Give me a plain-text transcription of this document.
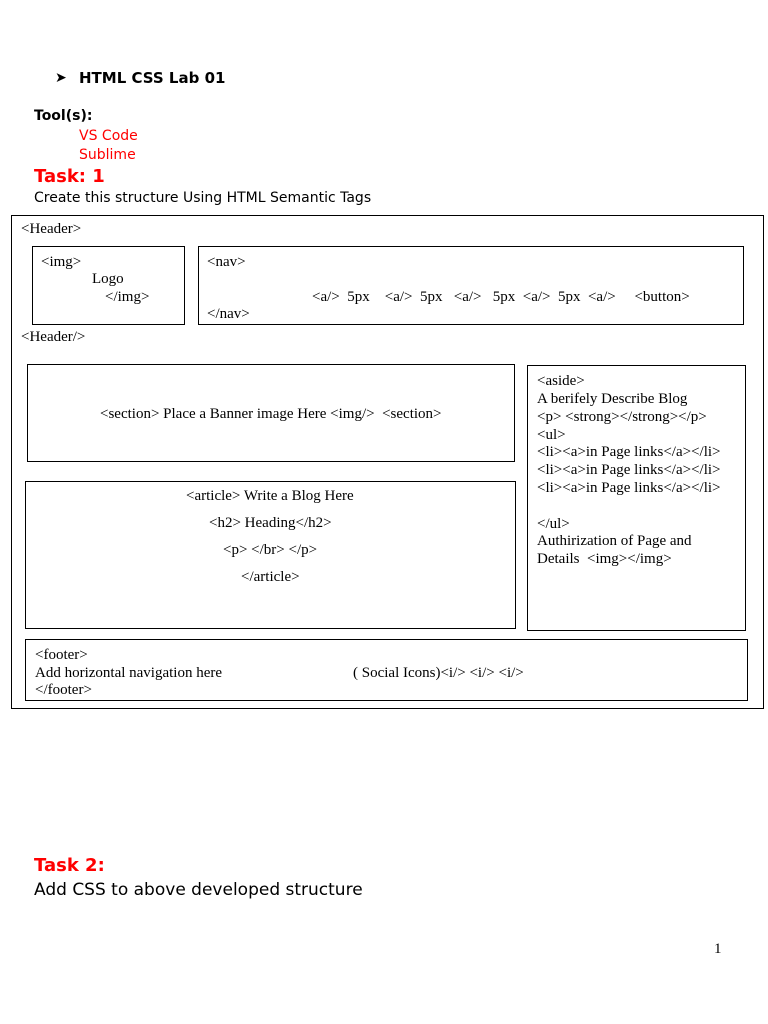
➤ HTML CSS Lab 01
Tool(s):
VS Code
Sublime
Task: 1
Create this structure Using HTML Semantic Tags
<Header>
<Header/>
<img>
Logo
</img>
<nav>
<a/>  5px    <a/>  5px   <a/>   5px  <a/>  5px  <a/>     <button>
</nav>
<section> Place a Banner image Here <img/>  <section>
<article> Write a Blog Here
<h2> Heading</h2>
<p> </br> </p>
</article>
<aside>
A berifely Describe Blog
<p> <strong></strong></p>
<ul>
<li><a>in Page links</a></li>
<li><a>in Page links</a></li>
<li><a>in Page links</a></li>
</ul>
Authirization of Page and
Details  <img></img>
<footer>
Add horizontal navigation here	( Social Icons)<i/> <i/> <i/>
</footer>
Task 2:
Add CSS to above developed structure
1
